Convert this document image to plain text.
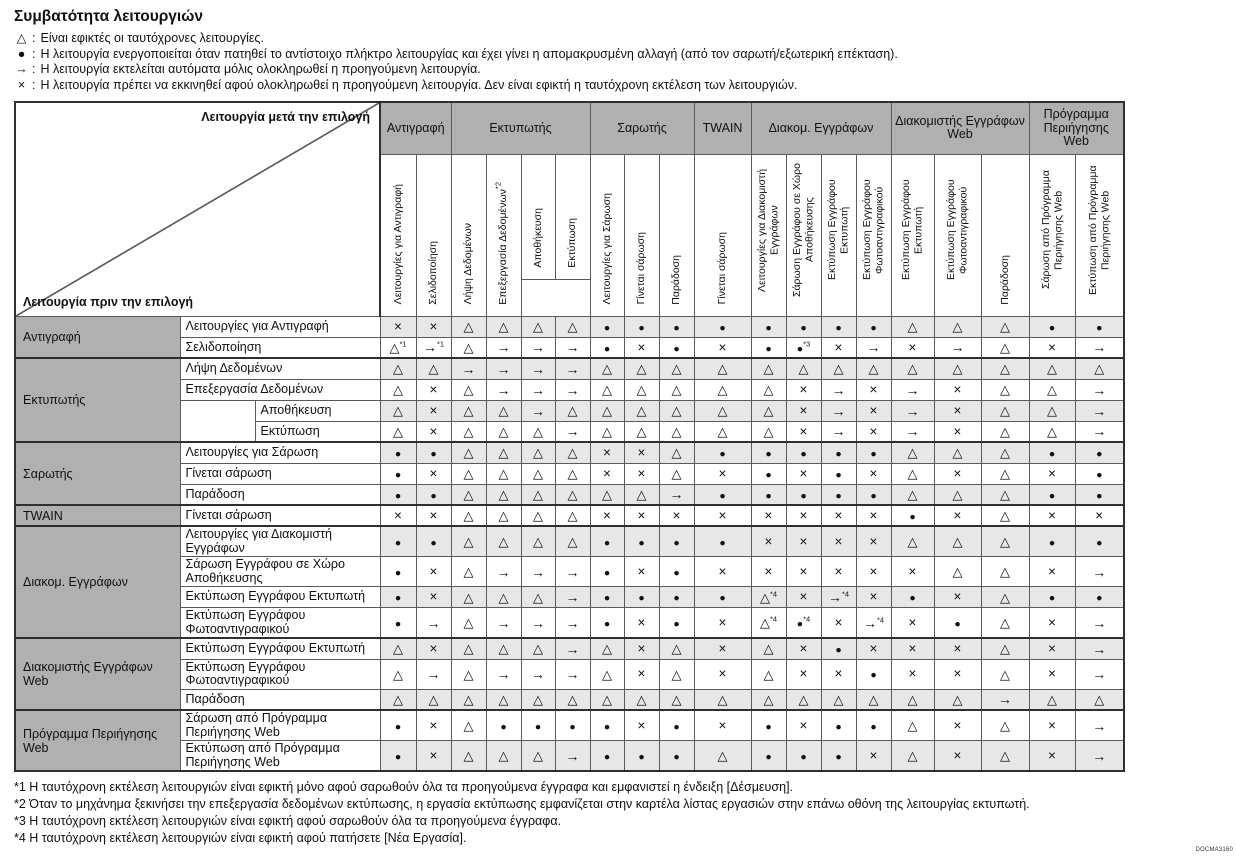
Συμβατότητα λειτουργιών
△ : Είναι εφικτές οι ταυτόχρονες λειτουργίες.
● : Η λειτουργία ενεργοποιείται όταν πατηθεί το αντίστοιχο πλήκτρο λειτουργίας και έχει γίνει η απομακρυσμένη αλλαγή (από τον σαρωτή/εξωτερική επέκταση).
→ : Η λειτουργία εκτελείται αυτόματα μόλις ολοκληρωθεί η προηγούμενη λειτουργία.
× : Η λειτουργία πρέπει να εκκινηθεί αφού ολοκληρωθεί η προηγούμενη λειτουργία. Δεν είναι εφικτή η ταυτόχρονη εκτέλεση των λειτουργιών.
Λειτουργία μετά την επιλογή
Λειτουργία πριν την επιλογή			Αντιγραφή		Εκτυπωτής				Σαρωτής			TWAIN	Διακομ. Εγγράφων				Διακομιστής Εγγράφων Web			Πρόγραμμα Περιήγησης Web	
			Λειτουργίες για Αντιγραφή	Σελιδοποίηση	Λήψη Δεδομένων	Επεξεργασία Δεδομένων$^{*2}$	Αποθήκευση	Εκτύπωση	Λειτουργίες για Σάρωση	Γίνεται σάρωση	Παράδοση	Γίνεται σάρωση	Λειτουργίες για Διακομιστή Εγγράφων	Σάρωση Εγγράφου σε Χώρο Αποθήκευσης	Εκτύπωση Εγγράφου Εκτυπωτή	Εκτύπωση Εγγράφου Φωτοαντιγραφικού	Εκτύπωση Εγγράφου Εκτυπωτή	Εκτύπωση Εγγράφου Φωτοαντιγραφικού	Παράδοση	Σάρωση από Πρόγραμμα Περιήγησης Web	Εκτύπωση από Πρόγραμμα Περιήγησης Web

Αντιγραφή	Λειτουργίες για Αντιγραφή		×	×	△	△	△	△	●	●	●	●	●	●	●	●	△	△	△	●	●
	Σελιδοποίηση		△$^{*1}$	→$^{*1}$	△	→	→	→	●	×	●	×	●	●$^{*3}$	×	→	×	→	△	×	→
Εκτυπωτής	Λήψη Δεδομένων		△	△	→	→	→	→	△	△	△	△	△	△	△	△	△	△	△	△	△
	Επεξεργασία Δεδομένων		△	×	△	→	→	→	△	△	△	△	△	×	→	×	→	×	△	△	→
		Αποθήκευση	△	×	△	△	→	△	△	△	△	△	△	×	→	×	→	×	△	△	→
		Εκτύπωση	△	×	△	△	△	→	△	△	△	△	△	×	→	×	→	×	△	△	→
Σαρωτής	Λειτουργίες για Σάρωση		●	●	△	△	△	△	×	×	△	●	●	●	●	●	△	△	△	●	●
	Γίνεται σάρωση		●	×	△	△	△	△	×	×	△	×	●	×	●	×	△	×	△	×	●
	Παράδοση		●	●	△	△	△	△	△	△	→	●	●	●	●	●	△	△	△	●	●
TWAIN	Γίνεται σάρωση		×	×	△	△	△	△	×	×	×	×	×	×	×	×	●	×	△	×	×
Διακομ. Εγγράφων	Λειτουργίες για Διακομιστή Εγγράφων		●	●	△	△	△	△	●	●	●	●	×	×	×	×	△	△	△	●	●
	Σάρωση Εγγράφου σε Χώρο Αποθήκευσης		●	×	△	→	→	→	●	×	●	×	×	×	×	×	×	△	△	×	→
	Εκτύπωση Εγγράφου Εκτυπωτή		●	×	△	△	△	→	●	●	●	●	△$^{*4}$	×	→$^{*4}$	×	●	×	△	●	●
	Εκτύπωση Εγγράφου Φωτοαντιγραφικού		●	→	△	→	→	→	●	×	●	×	△$^{*4}$	●$^{*4}$	×	→$^{*4}$	×	●	△	×	→
Διακομιστής Εγγράφων Web	Εκτύπωση Εγγράφου Εκτυπωτή		△	×	△	△	△	→	△	×	△	×	△	×	●	×	×	×	△	×	→
	Εκτύπωση Εγγράφου Φωτοαντιγραφικού		△	→	△	→	→	→	△	×	△	×	△	×	×	●	×	×	△	×	→
	Παράδοση		△	△	△	△	△	△	△	△	△	△	△	△	△	△	△	△	→	△	△
Πρόγραμμα Περιήγησης Web	Σάρωση από Πρόγραμμα Περιήγησης Web		●	×	△	●	●	●	●	×	●	×	●	×	●	●	△	×	△	×	→
	Εκτύπωση από Πρόγραμμα Περιήγησης Web		●	×	△	△	△	→	●	●	●	△	●	●	●	×	△	×	△	×	→
*1 Η ταυτόχρονη εκτέλεση λειτουργιών είναι εφικτή μόνο αφού σαρωθούν όλα τα προηγούμενα έγγραφα και εμφανιστεί η ένδειξη [Δέσμευση].
*2 Όταν το μηχάνημα ξεκινήσει την επεξεργασία δεδομένων εκτύπωσης, η εργασία εκτύπωσης εμφανίζεται στην καρτέλα λίστας εργασιών στην επάνω οθόνη της λειτουργίας εκτυπωτή.
*3 Η ταυτόχρονη εκτέλεση λειτουργιών είναι εφικτή αφού σαρωθούν όλα τα προηγούμενα έγγραφα.
*4 Η ταυτόχρονη εκτέλεση λειτουργιών είναι εφικτή αφού πατήσετε [Νέα Εργασία].
DOCMA3160
